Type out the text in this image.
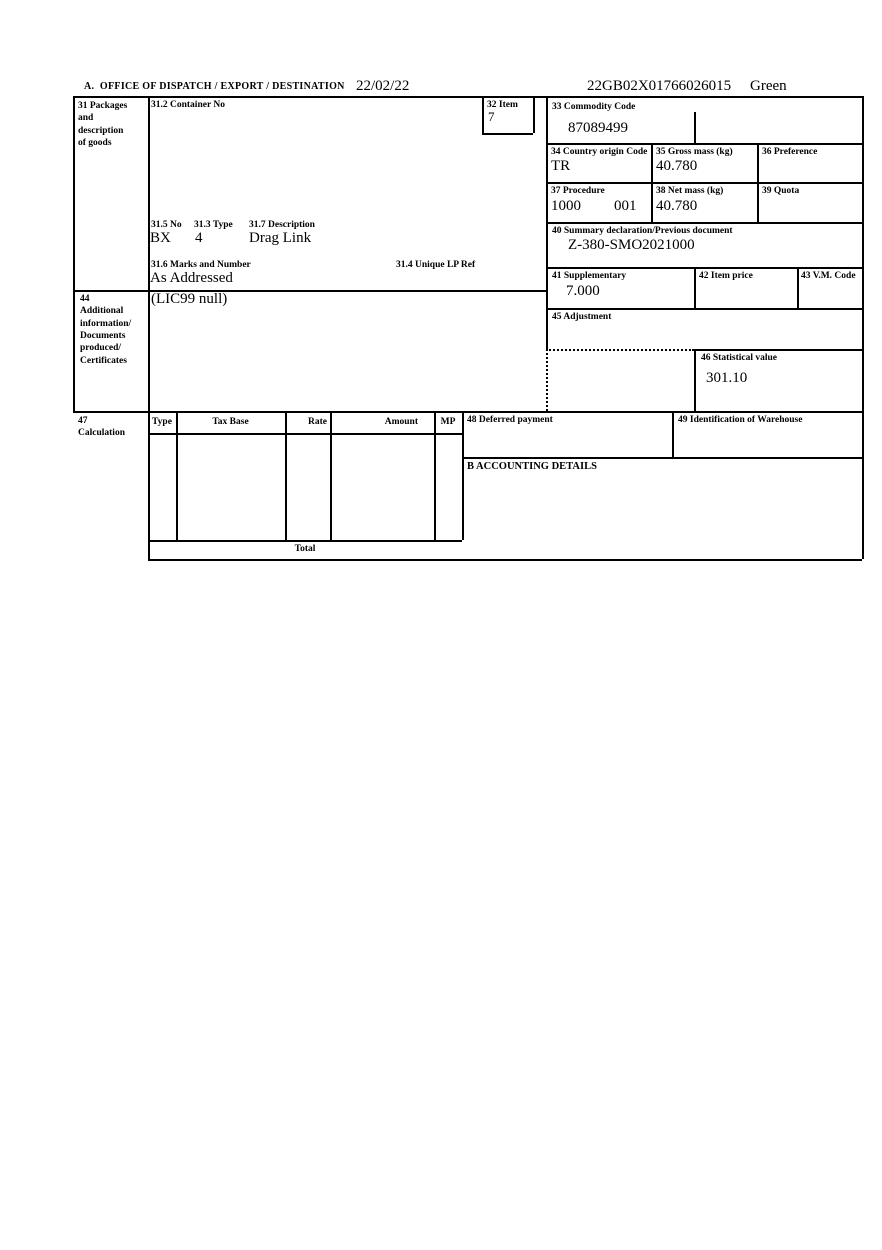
A.  OFFICE OF DISPATCH / EXPORT / DESTINATION 22/02/22	22GB02X01766026015 Green
31 Packages
and
description
of goods
31.2 Container No	32 Item
7
31.5 No 31.3 Type 31.7 Description
BX 4	Drag Link
31.6 Marks and Number	31.4 Unique LP Ref
As Addressed
33 Commodity Code
87089499
34 Country origin Code
TR
35 Gross mass (kg)
40.780
36 Preference
37 Procedure
1000 001
38 Net mass (kg)
40.780
39 Quota
40 Summary declaration/Previous document
Z-380-SMO2021000
41 Supplementary
7.000
42 Item price	43 V.M. Code
44
Additional
information/
Documents
produced/
Certificates
(LIC99 null)
45 Adjustment
46 Statistical value
301.10
47
Calculation
Type	Tax Base	Rate	Amount	MP
Total
48 Deferred payment	49 Identification of Warehouse
B ACCOUNTING DETAILS
